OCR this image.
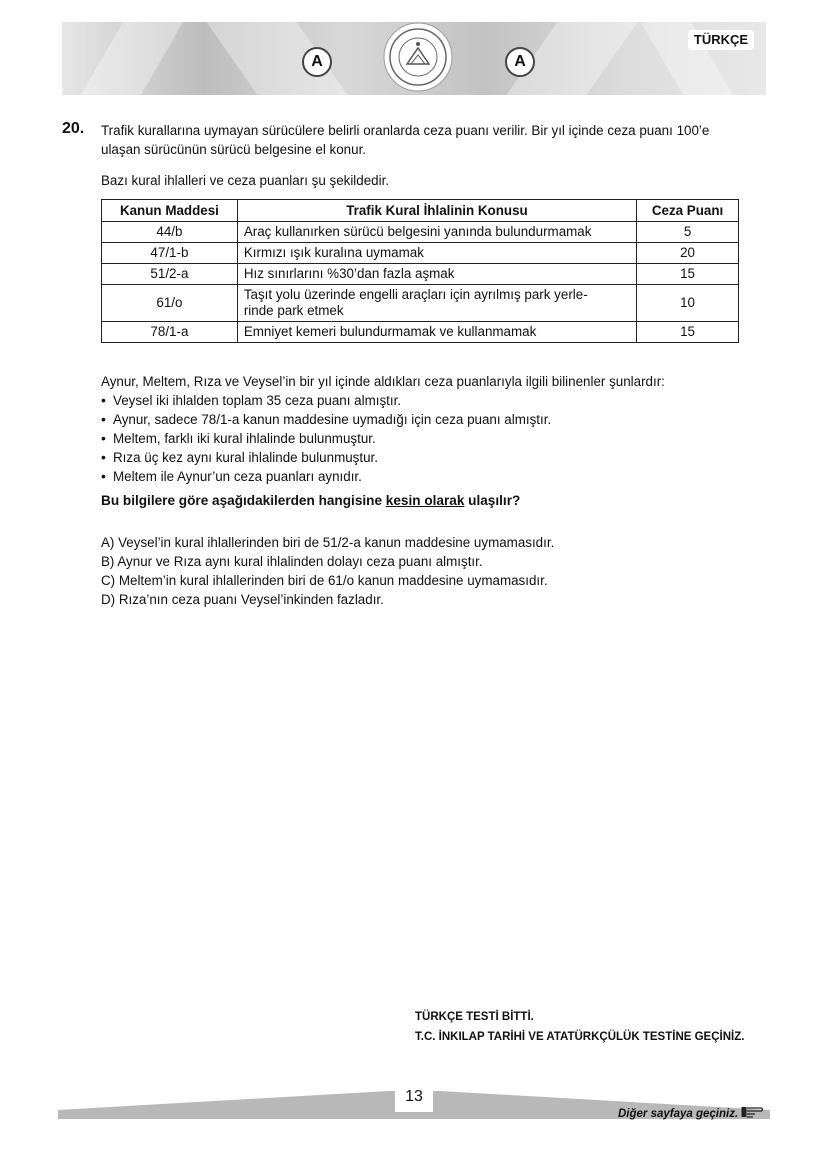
TÜRKÇE
A	A
20. Trafik kurallarına uymayan sürücülere belirli oranlarda ceza puanı verilir. Bir yıl içinde ceza puanı 100’e
ulaşan sürücünün sürücü belgesine el konur.
Bazı kural ihlalleri ve ceza puanları şu şekildedir.
Kanun Maddesi	Trafik Kural İhlalinin Konusu	Ceza Puanı
44/b	Araç kullanırken sürücü belgesini yanında bulundurmamak	5
47/1-b	Kırmızı ışık kuralına uymamak	20
51/2-a	Hız sınırlarını %30’dan fazla aşmak	15
61/o	Taşıt yolu üzerinde engelli araçları için ayrılmış park yerle-
rinde park etmek	10
78/1-a	Emniyet kemeri bulundurmamak ve kullanmamak	15
Aynur, Meltem, Rıza ve Veysel’in bir yıl içinde aldıkları ceza puanlarıyla ilgili bilinenler şunlardır:
• Veysel iki ihlalden toplam 35 ceza puanı almıştır.
• Aynur, sadece 78/1-a kanun maddesine uymadığı için ceza puanı almıştır.
• Meltem, farklı iki kural ihlalinde bulunmuştur.
• Rıza üç kez aynı kural ihlalinde bulunmuştur.
• Meltem ile Aynur’un ceza puanları aynıdır.
Bu bilgilere göre aşağıdakilerden hangisine kesin olarak ulaşılır?
A) Veysel’in kural ihlallerinden biri de 51/2-a kanun maddesine uymamasıdır.
B) Aynur ve Rıza aynı kural ihlalinden dolayı ceza puanı almıştır.
C) Meltem’in kural ihlallerinden biri de 61/o kanun maddesine uymamasıdır.
D) Rıza’nın ceza puanı Veysel’inkinden fazladır.
TÜRKÇE TESTİ BİTTİ.
T.C. İNKILAP TARİHİ VE ATATÜRKÇÜLÜK TESTİNE GEÇİNİZ.
13
Diğer sayfaya geçiniz.
